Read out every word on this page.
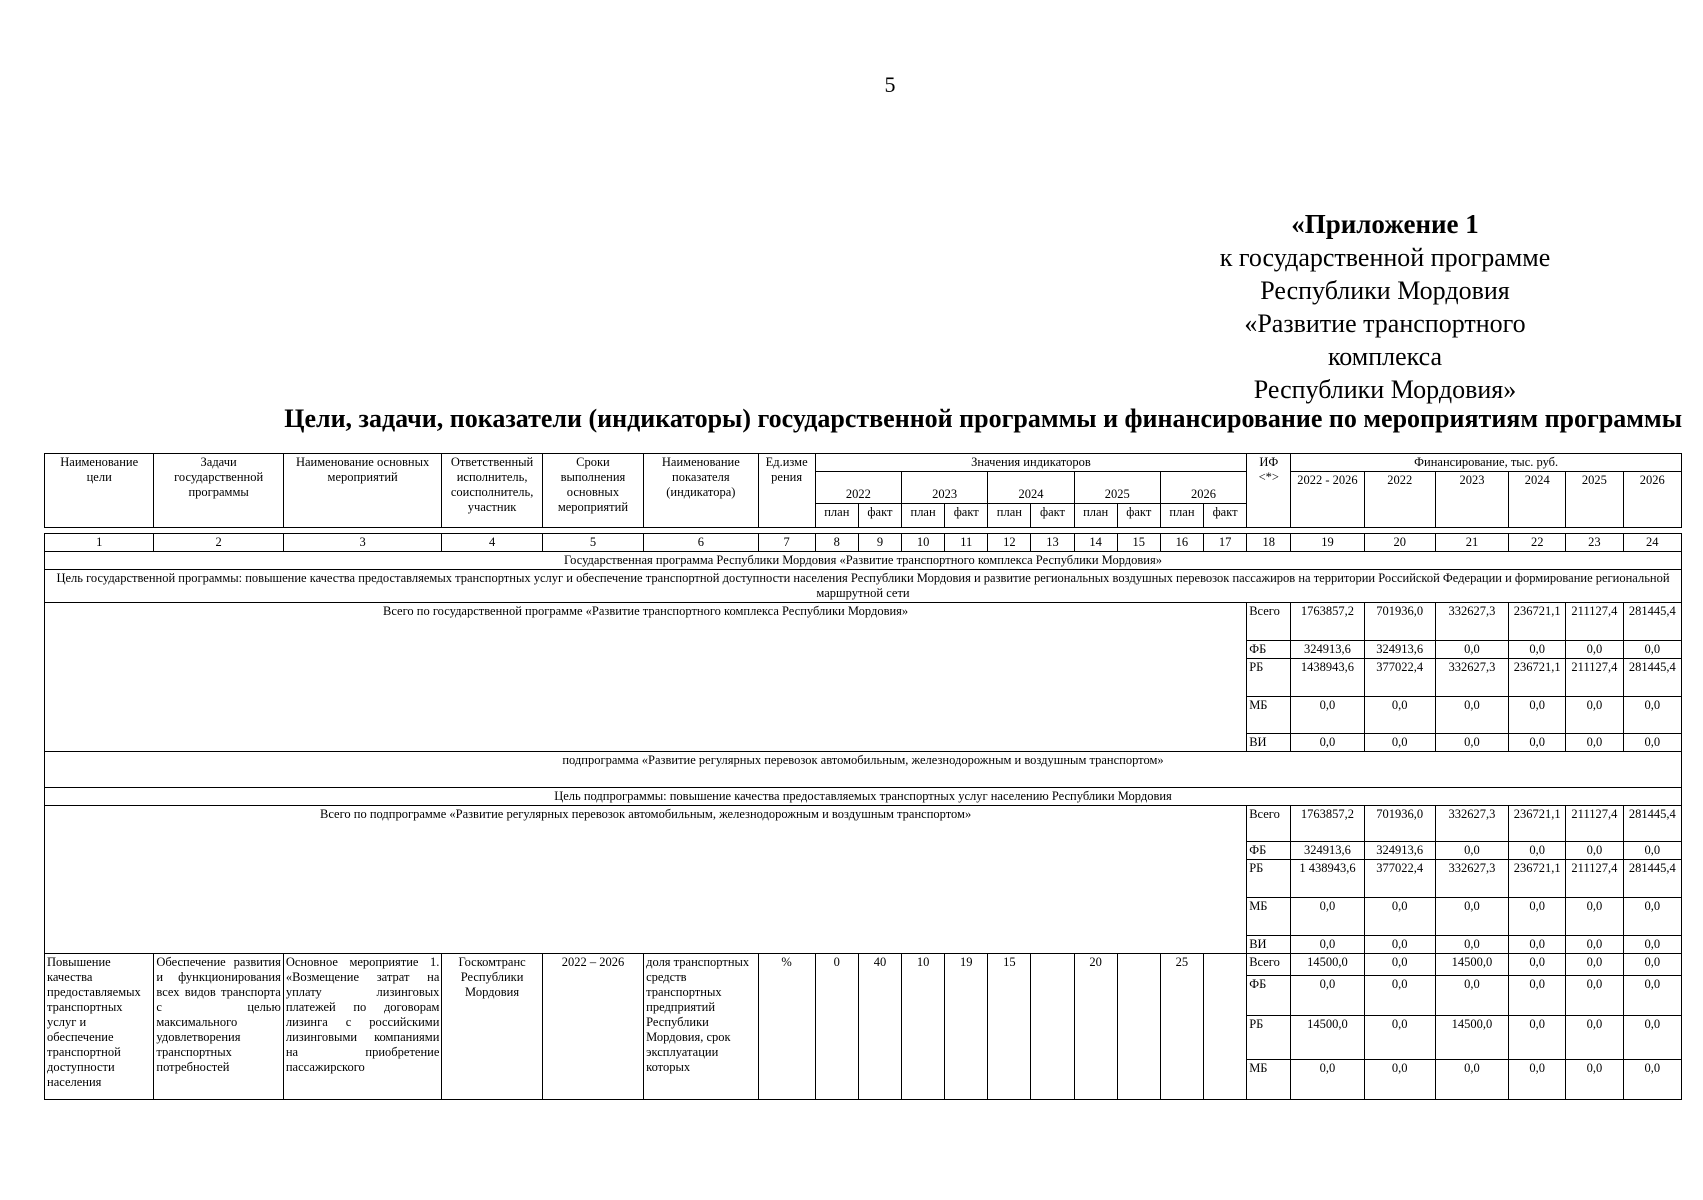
5
«Приложение 1
к государственной программе
Республики Мордовия
«Развитие транспортного комплекса
Республики Мордовия»
Цели, задачи, показатели (индикаторы) государственной программы и финансирование по мероприятиям программы
Наименование цели	Задачи государственной программы	Наименование основных мероприятий	Ответственный исполнитель, соисполнитель, участник	Сроки выполнения основных мероприятий	Наименование показателя (индикатора)	Ед.изме рения	Значения индикаторов										ИФ <*>	Финансирование, тыс. руб.					
							2022		2023		2024		2025		2026			2022 - 2026	2022	2023	2024	2025	2026
							план	факт	план	факт	план	факт	план	факт	план	факт							

1	2	3	4	5	6	7	8	9	10	11	12	13	14	15	16	17	18	19	20	21	22	23	24
Государственная программа Республики Мордовия «Развитие транспортного комплекса Республики Мордовия»																							
Цель государственной программы: повышение качества предоставляемых транспортных услуг и обеспечение транспортной доступности населения Республики Мордовия и развитие региональных воздушных перевозок пассажиров на территории Российской Федерации и формирование региональной маршрутной сети																							
Всего по государственной программе «Развитие транспортного комплекса Республики Мордовия»																	Всего	1763857,2	701936,0	332627,3	236721,1	211127,4	281445,4
																	ФБ	324913,6	324913,6	0,0	0,0	0,0	0,0
																	РБ	1438943,6	377022,4	332627,3	236721,1	211127,4	281445,4
																	МБ	0,0	0,0	0,0	0,0	0,0	0,0
																	ВИ	0,0	0,0	0,0	0,0	0,0	0,0
подпрограмма «Развитие регулярных перевозок автомобильным, железнодорожным и воздушным транспортом»																							
Цель подпрограммы: повышение качества предоставляемых транспортных услуг населению Республики Мордовия																							
Всего по подпрограмме «Развитие регулярных перевозок автомобильным, железнодорожным и воздушным транспортом»																	Всего	1763857,2	701936,0	332627,3	236721,1	211127,4	281445,4
																	ФБ	324913,6	324913,6	0,0	0,0	0,0	0,0
																	РБ	1 438943,6	377022,4	332627,3	236721,1	211127,4	281445,4
																	МБ	0,0	0,0	0,0	0,0	0,0	0,0
																	ВИ	0,0	0,0	0,0	0,0	0,0	0,0
Повышение качества предоставляемых транспортных услуг и обеспечение транспортной доступности населения	Обеспечение развития и функционирования всех видов транспорта с целью максимального удовлетворения транспортных потребностей	Основное мероприятие 1. «Возмещение затрат на уплату лизинговых платежей по договорам лизинга с российскими лизинговыми компаниями на приобретение пассажирского	Госкомтранс Республики Мордовия	2022 – 2026	доля транспортных средств транспортных предприятий Республики Мордовия, срок эксплуатации которых	%	0	40	10	19	15		20		25		Всего	14500,0	0,0	14500,0	0,0	0,0	0,0
																	ФБ	0,0	0,0	0,0	0,0	0,0	0,0
																	РБ	14500,0	0,0	14500,0	0,0	0,0	0,0
																	МБ	0,0	0,0	0,0	0,0	0,0	0,0
